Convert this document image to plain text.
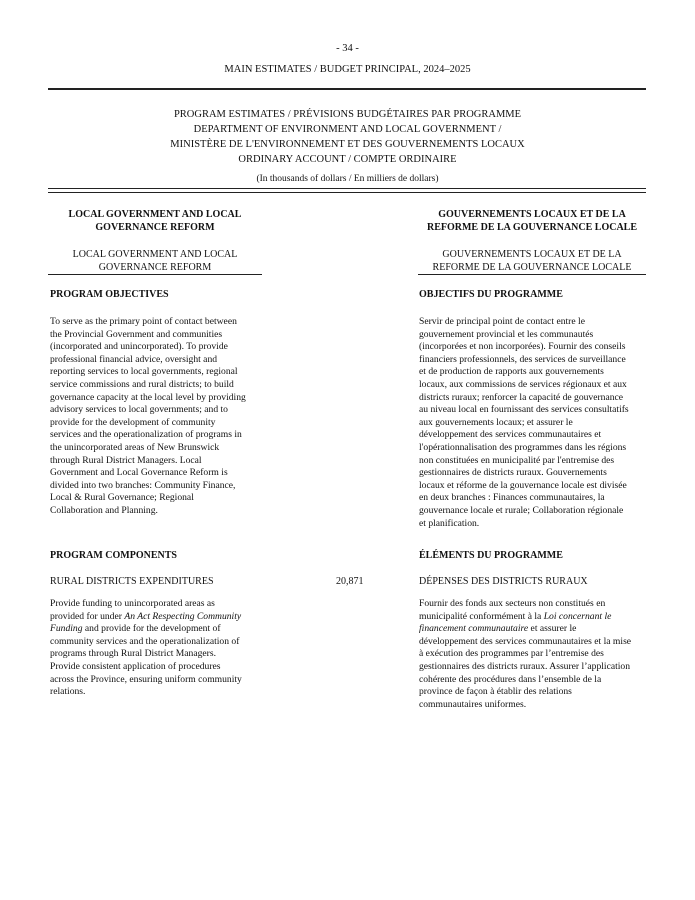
- 34 -
MAIN ESTIMATES / BUDGET PRINCIPAL, 2024–2025
PROGRAM ESTIMATES / PRÉVISIONS BUDGÉTAIRES PAR PROGRAMME
DEPARTMENT OF ENVIRONMENT AND LOCAL GOVERNMENT /
MINISTÈRE DE L'ENVIRONNEMENT ET DES GOUVERNEMENTS LOCAUX
ORDINARY ACCOUNT / COMPTE ORDINAIRE
(In thousands of dollars / En milliers de dollars)
LOCAL GOVERNMENT AND LOCAL
GOVERNANCE REFORM
LOCAL GOVERNMENT AND LOCAL
GOVERNANCE REFORM
PROGRAM OBJECTIVES

To serve as the primary point of contact between

the Provincial Government and communities

(incorporated and unincorporated). To provide

professional financial advice, oversight and

reporting services to local governments, regional

service commissions and rural districts; to build

governance capacity at the local level by providing

advisory services to local governments; and to

provide for the development of community

services and the operationalization of programs in

the unincorporated areas of New Brunswick

through Rural District Managers. Local

Government and Local Governance Reform is

divided into two branches: Community Finance,

Local & Rural Governance; Regional

Collaboration and Planning.

PROGRAM COMPONENTS
RURAL DISTRICTS EXPENDITURES	20,871

Provide funding to unincorporated areas as

provided for under An Act Respecting Community

Funding and provide for the development of

community services and the operationalization of

programs through Rural District Managers.

Provide consistent application of procedures

across the Province, ensuring uniform community

relations.

GOUVERNEMENTS LOCAUX ET DE LA
REFORME DE LA GOUVERNANCE LOCALE
GOUVERNEMENTS LOCAUX ET DE LA
REFORME DE LA GOUVERNANCE LOCALE
OBJECTIFS DU PROGRAMME

Servir de principal point de contact entre le

gouvernement provincial et les communautés

(incorporées et non incorporées). Fournir des conseils

financiers professionnels, des services de surveillance

et de production de rapports aux gouvernements

locaux, aux commissions de services régionaux et aux

districts ruraux; renforcer la capacité de gouvernance

au niveau local en fournissant des services consultatifs

aux gouvernements locaux; et assurer le

développement des services communautaires et

l'opérationnalisation des programmes dans les régions

non constituées en municipalité par l'entremise des

gestionnaires de districts ruraux. Gouvernements

locaux et réforme de la gouvernance locale est divisée

en deux branches : Finances communautaires, la

gouvernance locale et rurale; Collaboration régionale

et planification.

ÉLÉMENTS DU PROGRAMME
DÉPENSES DES DISTRICTS RURAUX

Fournir des fonds aux secteurs non constitués en

municipalité conformément à la Loi concernant le

financement communautaire et assurer le

développement des services communautaires et la mise

à exécution des programmes par l’entremise des

gestionnaires des districts ruraux. Assurer l’application

cohérente des procédures dans l’ensemble de la

province de façon à établir des relations

communautaires uniformes.
